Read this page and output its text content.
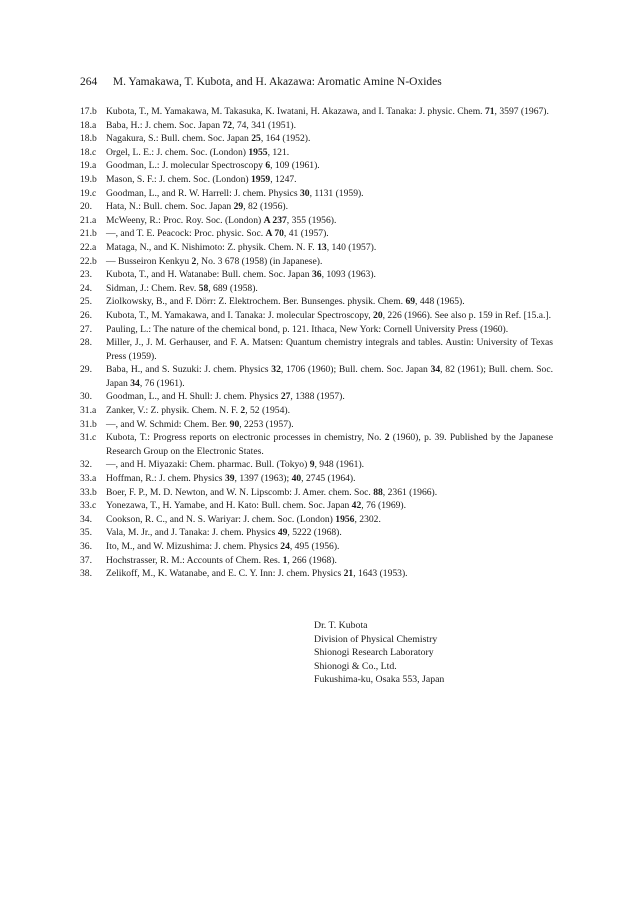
264 M. Yamakawa, T. Kubota, and H. Akazawa: Aromatic Amine N-Oxides
17.b Kubota, T., M. Yamakawa, M. Takasuka, K. Iwatani, H. Akazawa, and I. Tanaka: J. physic. Chem. 71, 3597 (1967).
18.a	Baba, H.: J. chem. Soc. Japan 72, 74, 341 (1951).
18.b Nagakura, S.: Bull. chem. Soc. Japan 25, 164 (1952).
18.c	Orgel, L. E.: J. chem. Soc. (London) 1955, 121.
19.a	Goodman, L.: J. molecular Spectroscopy 6, 109 (1961).
19.b Mason, S. F.: J. chem. Soc. (London) 1959, 1247.
19.c	Goodman, L., and R. W. Harrell: J. chem. Physics 30, 1131 (1959).
20.	Hata, N.: Bull. chem. Soc. Japan 29, 82 (1956).
21.a	McWeeny, R.: Proc. Roy. Soc. (London) A 237, 355 (1956).
21.b —, and T. E. Peacock: Proc. physic. Soc. A 70, 41 (1957).
22.a	Mataga, N., and K. Nishimoto: Z. physik. Chem. N. F. 13, 140 (1957).
22.b — Busseiron Kenkyu 2, No. 3 678 (1958) (in Japanese).
23.	Kubota, T., and H. Watanabe: Bull. chem. Soc. Japan 36, 1093 (1963).
24.	Sidman, J.: Chem. Rev. 58, 689 (1958).
25.	Ziolkowsky, B., and F. Dörr: Z. Elektrochem. Ber. Bunsenges. physik. Chem. 69, 448 (1965).
26.	Kubota, T., M. Yamakawa, and I. Tanaka: J. molecular Spectroscopy, 20, 226 (1966). See also p. 159 in Ref. [15.a.].
27.	Pauling, L.: The nature of the chemical bond, p. 121. Ithaca, New York: Cornell University Press (1960).
28.	Miller, J., J. M. Gerhauser, and F. A. Matsen: Quantum chemistry integrals and tables. Austin: University of Texas Press (1959).
29.	Baba, H., and S. Suzuki: J. chem. Physics 32, 1706 (1960); Bull. chem. Soc. Japan 34, 82 (1961); Bull. chem. Soc. Japan 34, 76 (1961).
30.	Goodman, L., and H. Shull: J. chem. Physics 27, 1388 (1957).
31.a	Zanker, V.: Z. physik. Chem. N. F. 2, 52 (1954).
31.b —, and W. Schmid: Chem. Ber. 90, 2253 (1957).
31.c	Kubota, T.: Progress reports on electronic processes in chemistry, No. 2 (1960), p. 39. Published by the Japanese Research Group on the Electronic States.
32.	—, and H. Miyazaki: Chem. pharmac. Bull. (Tokyo) 9, 948 (1961).
33.a	Hoffman, R.: J. chem. Physics 39, 1397 (1963); 40, 2745 (1964).
33.b Boer, F. P., M. D. Newton, and W. N. Lipscomb: J. Amer. chem. Soc. 88, 2361 (1966).
33.c	Yonezawa, T., H. Yamabe, and H. Kato: Bull. chem. Soc. Japan 42, 76 (1969).
34.	Cookson, R. C., and N. S. Wariyar: J. chem. Soc. (London) 1956, 2302.
35.	Vala, M. Jr., and J. Tanaka: J. chem. Physics 49, 5222 (1968).
36.	Ito, M., and W. Mizushima: J. chem. Physics 24, 495 (1956).
37.	Hochstrasser, R. M.: Accounts of Chem. Res. 1, 266 (1968).
38.	Zelikoff, M., K. Watanabe, and E. C. Y. Inn: J. chem. Physics 21, 1643 (1953).
Dr. T. Kubota
Division of Physical Chemistry
Shionogi Research Laboratory
Shionogi & Co., Ltd.
Fukushima-ku, Osaka 553, Japan
